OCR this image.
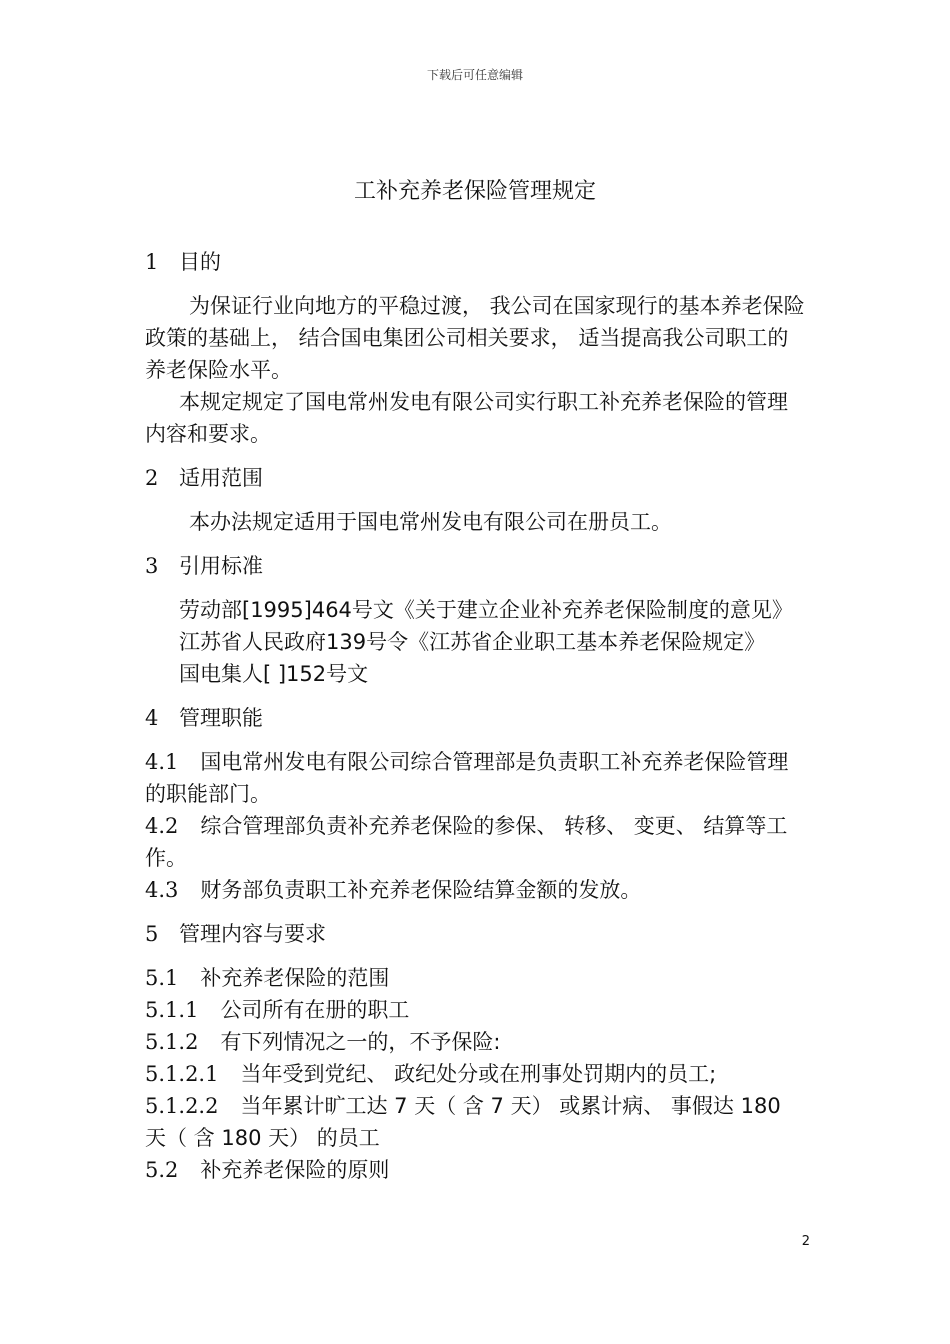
下载后可任意编辑
工补充养老保险管理规定

1 目的

为保证行业向地方的平稳过渡， 我公司在国家现行的基本养老保险政策的基础上， 结合国电集团公司相关要求， 适当提高我公司职工的养老保险水平。

本规定规定了国电常州发电有限公司实行职工补充养老保险的管理内容和要求。

2 适用范围

本办法规定适用于国电常州发电有限公司在册员工。

3 引用标准

劳动部[1995]464号文《关于建立企业补充养老保险制度的意见》

江苏省人民政府139号令《江苏省企业职工基本养老保险规定》

国电集人[ ]152号文

4 管理职能

4.1 国电常州发电有限公司综合管理部是负责职工补充养老保险管理的职能部门。

4.2 综合管理部负责补充养老保险的参保、 转移、 变更、 结算等工作。

4.3 财务部负责职工补充养老保险结算金额的发放。

5 管理内容与要求

5.1 补充养老保险的范围

5.1.1 公司所有在册的职工

5.1.2 有下列情况之一的，不予保险:

5.1.2.1 当年受到党纪、 政纪处分或在刑事处罚期内的员工;

5.1.2.2 当年累计旷工达 7 天（ 含 7 天） 或累计病、 事假达 180 天（ 含 180 天） 的员工

5.2 补充养老保险的原则

2
